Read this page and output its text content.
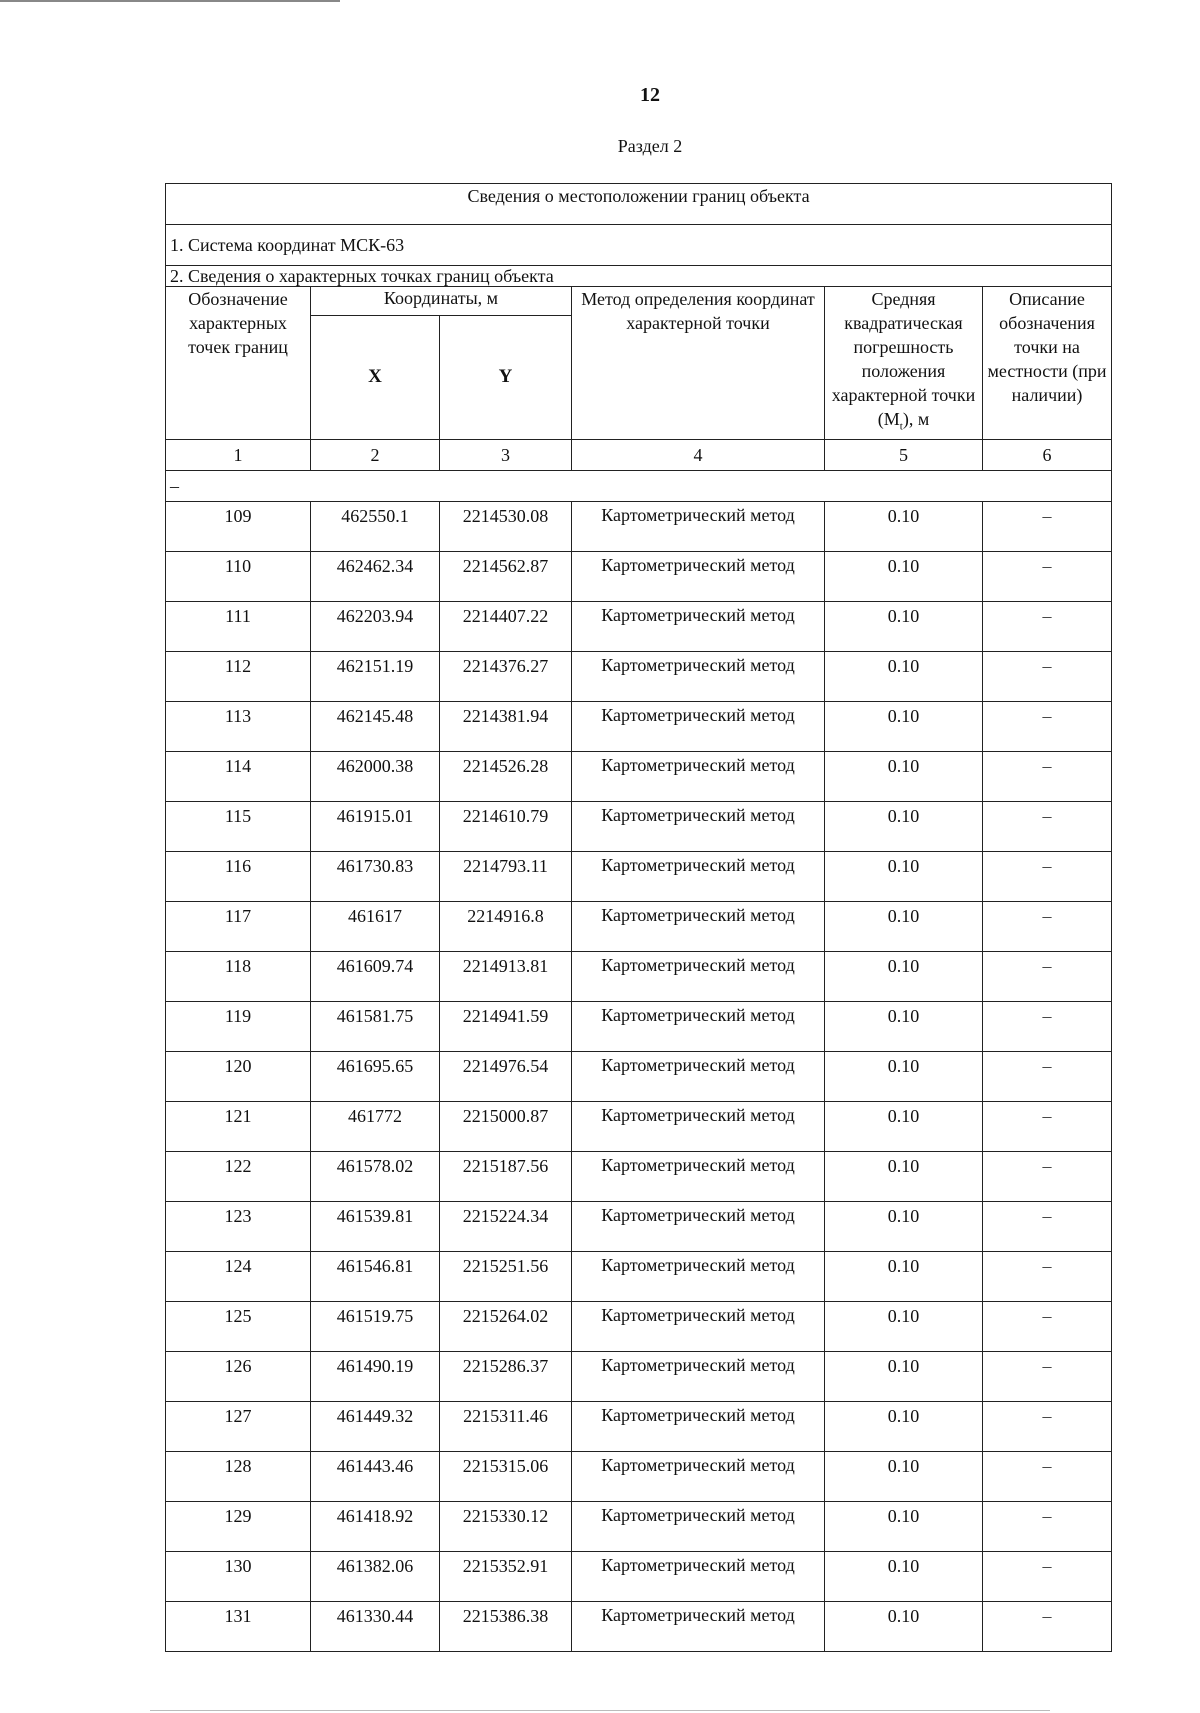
12
Раздел 2
Сведения о местоположении границ объекта					
1. Система координат МСК-63					
2. Сведения о характерных точках границ объекта					
Обозначение характерных точек границ	Координаты, м		Метод определения координат характерной точки	Средняя квадратическая погрешность положения характерной точки $(M_t)$, м	Описание обозначения точки на местности (при наличии)
	X	Y			
1	2	3	4	5	6
–					
109	462550.1	2214530.08	Картометрический метод	0.10	–
110	462462.34	2214562.87	Картометрический метод	0.10	–
111	462203.94	2214407.22	Картометрический метод	0.10	–
112	462151.19	2214376.27	Картометрический метод	0.10	–
113	462145.48	2214381.94	Картометрический метод	0.10	–
114	462000.38	2214526.28	Картометрический метод	0.10	–
115	461915.01	2214610.79	Картометрический метод	0.10	–
116	461730.83	2214793.11	Картометрический метод	0.10	–
117	461617	2214916.8	Картометрический метод	0.10	–
118	461609.74	2214913.81	Картометрический метод	0.10	–
119	461581.75	2214941.59	Картометрический метод	0.10	–
120	461695.65	2214976.54	Картометрический метод	0.10	–
121	461772	2215000.87	Картометрический метод	0.10	–
122	461578.02	2215187.56	Картометрический метод	0.10	–
123	461539.81	2215224.34	Картометрический метод	0.10	–
124	461546.81	2215251.56	Картометрический метод	0.10	–
125	461519.75	2215264.02	Картометрический метод	0.10	–
126	461490.19	2215286.37	Картометрический метод	0.10	–
127	461449.32	2215311.46	Картометрический метод	0.10	–
128	461443.46	2215315.06	Картометрический метод	0.10	–
129	461418.92	2215330.12	Картометрический метод	0.10	–
130	461382.06	2215352.91	Картометрический метод	0.10	–
131	461330.44	2215386.38	Картометрический метод	0.10	–
